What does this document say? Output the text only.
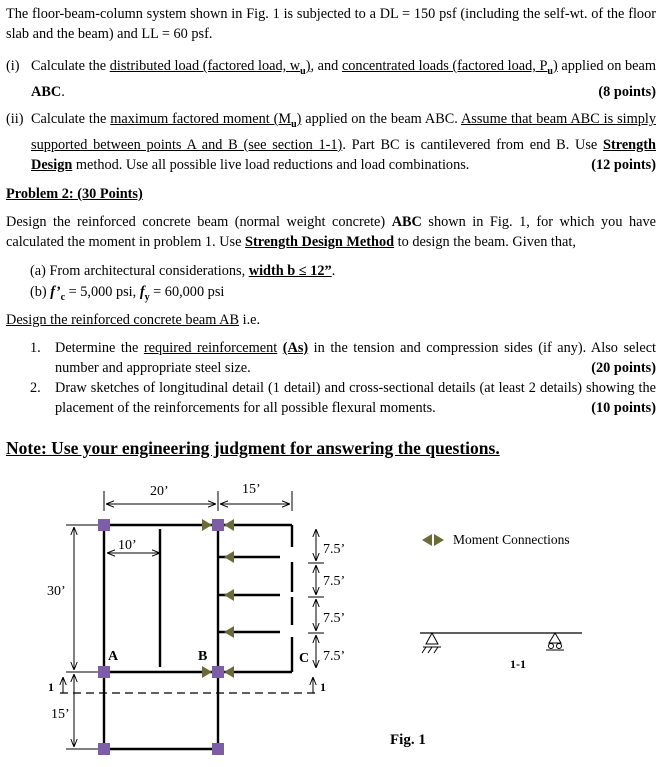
The floor-beam-column system shown in Fig. 1 is subjected to a DL = 150 psf (including the self-wt. of the floor slab and the beam) and LL = 60 psf.
(i) Calculate the distributed load (factored load, $w_u$), and concentrated loads (factored load, $P_u$) applied on beam ABC.	(8 points)
(ii) Calculate the maximum factored moment $(M_u)$ applied on the beam ABC. Assume that beam ABC is simply supported between points A and B (see section 1-1). Part BC is cantilevered from end B. Use Strength Design method. Use all possible live load reductions and load combinations.	(12 points)
Problem 2: (30 Points)
Design the reinforced concrete beam (normal weight concrete) ABC shown in Fig. 1, for which you have calculated the moment in problem 1. Use Strength Design Method to design the beam. Given that,
(a) From architectural considerations, width b ≤ 12”.
(b) $f’_c = 5,000$ psi, $f_y = 60,000$ psi
Design the reinforced concrete beam AB i.e.
1. Determine the required reinforcement (As) in the tension and compression sides (if any). Also select number and appropriate steel size.	(20 points)
2. Draw sketches of longitudinal detail (1 detail) and cross-sectional details (at least 2 details) showing the placement of the reinforcements for all possible flexural moments.	(10 points)
Note: Use your engineering judgment for answering the questions.
20’	15’
30’
15’
10’
A	B	C
7.5’
7.5’
7.5’
7.5’
1	1
Moment Connections
1-1
Fig. 1
